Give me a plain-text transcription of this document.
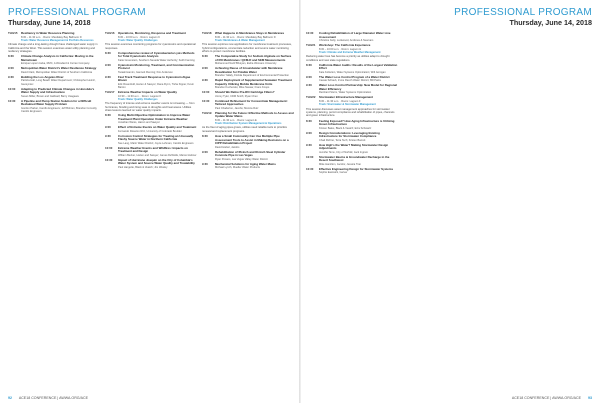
PROFESSIONAL PROGRAM
Thursday, June 14, 2018
TH4/15	Resiliency in Water Resource Planning
8:30 – 11:30 a.m. · Room: Mandalay Bay Ballroom D
Track: Water Resource Management & Portfolio Resources
Climate change and a long-lasting drought have challenged water supply in California and the West. This session examines water utility planning and resiliency strategies.
8:30	Climate Change Analysis in California: Moving to the Mainstream
Enrique Lopez-Calva, RMC, A Woodard & Curran Company
9:00	Metropolitan Water District's Water Resilience Strategy
David Clark, Metropolitan Water District of Southern California
9:30	Building the Los Angeles River
Patricia Hall, Long Beach Water Department; Christopher Heintz, Geosyntec
10:00	Adapting to Predicted Climate Changes in Honolulu's Water Supply and Infrastructure
Susan Miller, Brown and Caldwell; Barry Usagawa
10:30	A Pipeline and Pump Station Solution for a Difficult Reclaimed Water Supply Problem
Gordon Parker, Carollo Engineers; Jeff Bohren, Brandon Connolly, Carollo Engineers
TH4/16	Operations, Monitoring, Response and Treatment
8:30 – 10:00 a.m. · Room: Lagoon K
Track: Water Quality Challenges
This session examines monitoring programs for cyanotoxins and operational responses.
8:30	Comprehensive review of Cyanobacteria Lysis Methods for Total Cyanotoxin Analysis
Katie Greenstein, Southern Nevada Water Authority; Keith Fanning
9:00	Cyanotoxin Monitoring, Treatment, and Communication Protocol
Taraali Hamim, Gannett Fleming; Kim Anderson
9:30	Fast Track Treatment Response to Cyanotoxin Algae Bloom
Erik Rosenfeld, Hazen & Sawyer; Dana Flynn, Tisha Kipper, Kevin Barton
TH4/17	Extreme Weather Impacts on Water Quality
10:30 – 11:30 a.m. · Room: Lagoon K
Track: Water Quality Challenges
The frequency of intense and extreme weather events is increasing — from hurricanes, flooding and rising seas to droughts and heat waves. Utilities share lessons learned on water quality impacts.
8:30	Using Multi-Objective Optimization to Improve Water Treatment Plant Operation Under Extreme Weather
Jonathan Weiss, Hazen and Sawyer
9:00	Effect of Extreme Events on Water Quality and Treatment
Fernando Rosario-Ortiz, University of Colorado Boulder
9:30	Corrosion Control Strategies for Treating an Unusually Flashy Source Water in Northern California
Sue Lang, Marin Water District; Joyce Lehman, Carollo Engineers
10:00	Extreme Weather Events and Wildfires: Impacts on Treatment and Design
William Becker, Hazen and Sawyer; James DeWolfe, Marcel Hubner
10:30	Impact of Hurricane Joaquin on the City of Columbia's Water System and Source Water Quality and Treatability
Paul Hargette, Black & Veatch; Jim Wesley
TH4/18	What Happens in Membranes Stays in Membranes
8:30 – 11:30 a.m. · Room: Mandalay Bay Ballroom D
Track: Membranes & Water Management
This session explores new applications for membrane treatment processes, hybrid configurations, concentrate reduction and source water monitoring efforts to protect membrane facilities.
8:30	The Comparative Study for Sodium Alginate on Surface of RO Membranes: QCM-D and SEM Measurements
Mohammed Nazif Bhuiyan, Ewha Womans University
9:00	Achieving Reuse of Groundwater with Membrane Desalination for Potable Water
Brandon Yallaly, Florida Department of Environmental Protection
9:30	Rapid Deployment of Supplemental Seawater Treatment Capacity Utilizing Mobile Membrane Units
Brandon Kuchenski, Mike Nassar, Frans Knops
10:00	Should We Retire Pre-RO Cartridge Filters?
Jimmy Tyler, CDM Smith; Ryan Chen
10:30	Continued Refinement for Concentrate Management: Tailored Approaches
Paul Chaderton, Jacobs; Monica Ruiz
TH4/19	Planning for the Future: Effective Methods to Assess and Update Water Mains
8:30 – 11:30 a.m. · Room: Lagoon E
Track: Distribution System Management & Operations
As the fleet of aging pipes grows, utilities need reliable tools to prioritize renewal and replacement programs.
8:30	How a Small Community Can Use Multiple Pipe Assessment Tools to Assist in Making Decisions on a CIPP Rehabilitation Project
David Hiebel, Jacobs
9:00	Rehabilitation of 66-Inch and 84-Inch Steel Cylinder Concrete Pipe in Las Vegas
Ryan Powers, Las Vegas Valley Water District
9:30	Mechanical Solutions for Aging Water Mains
Michael Lynch, Mueller Water Products
92 ACE18 CONFERENCE | AWWA.ORG/ACE
PROFESSIONAL PROGRAM
Thursday, June 14, 2018
10:30	Cooling Rehabilitation of Large Diameter Water Line Assessment
Christine Kelly, Lockwood, Andrews & Newnam
TH4/21	Workshop: The California Experience
8:30 – 10:00 a.m. · Room: Lagoon H
Track: Climate and Extreme Weather Management
Reducing water loss has become a priority as utilities adapt to drought conditions and new state regulations.
8:30	California Water Audits: Results of the Largest Validation Effort
Kate Kollarton, Water Systems Optimization; Will Jernigan
9:00	The Water Loss Control Program of a Water District
Cassie Schaub, Irvine Ranch Water District; Bill Parks
9:30	Water Loss Control Partnership: New Model for Regional Water Efficiency
Reinhard Sturm, Water Systems Optimization
TH4/22	Stormwater Infrastructure Management
8:30 – 11:30 a.m. · Room: Lagoon F
Track: Stormwater & Stormwater Management
This session discusses asset management approaches for stormwater systems, planning, permit compliance and rehabilitation of pipes, channels and green infrastructure.
8:30	Feeling Exposed? How Aging Infrastructure is Utilizing Green Infrastructure
Kirsten Bales, Black & Veatch; Ezra Schwartz
9:00	Design Considerations: Leveraging Existing Infrastructure for Stormwater Compliance
Chad Richter, Tetra Tech; Kristen Barrett
9:30	How High's the Water? Making Stormwater Design Adjustments
Jennifer Sims, City of Norfolk; Jack Ingram
10:00	Stormwater Basins & Groundwater Recharge in the Desert Southwest
Mike Hamilton, Jacobs; Jessica Tran
10:30	Effective Engineering Design for Stormwater Systems
Sophie Eastwick, Garver
ACE18 CONFERENCE | AWWA.ORG/ACE 93
